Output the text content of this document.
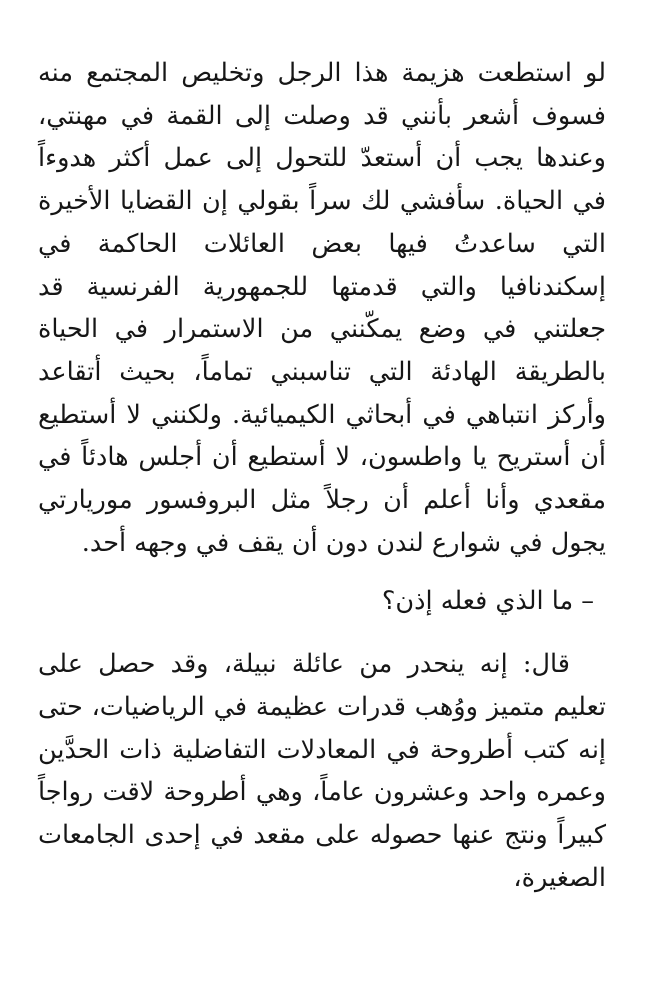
لو استطعت هزيمة هذا الرجل وتخليص المجتمع منه فسوف أشعر بأنني قد وصلت إلى القمة في مهنتي، وعندها يجب أن أستعدّ للتحول إلى عمل أكثر هدوءاً في الحياة. سأفشي لك سراً بقولي إن القضايا الأخيرة التي ساعدتُ فيها بعض العائلات الحاكمة في إسكندنافيا والتي قدمتها للجمهورية الفرنسية قد جعلتني في وضع يمكّنني من الاستمرار في الحياة بالطريقة الهادئة التي تناسبني تماماً، بحيث أتقاعد وأركز انتباهي في أبحاثي الكيميائية. ولكنني لا أستطيع أن أستريح يا واطسون، لا أستطيع أن أجلس هادئاً في مقعدي وأنا أعلم أن رجلاً مثل البروفسور موريارتي يجول في شوارع لندن دون أن يقف في وجهه أحد.

– ما الذي فعله إذن؟

قال: إنه ينحدر من عائلة نبيلة، وقد حصل على تعليم متميز ووُهب قدرات عظيمة في الرياضيات، حتى إنه كتب أطروحة في المعادلات التفاضلية ذات الحدَّين وعمره واحد وعشرون عاماً، وهي أطروحة لاقت رواجاً كبيراً ونتج عنها حصوله على مقعد في إحدى الجامعات الصغيرة،
